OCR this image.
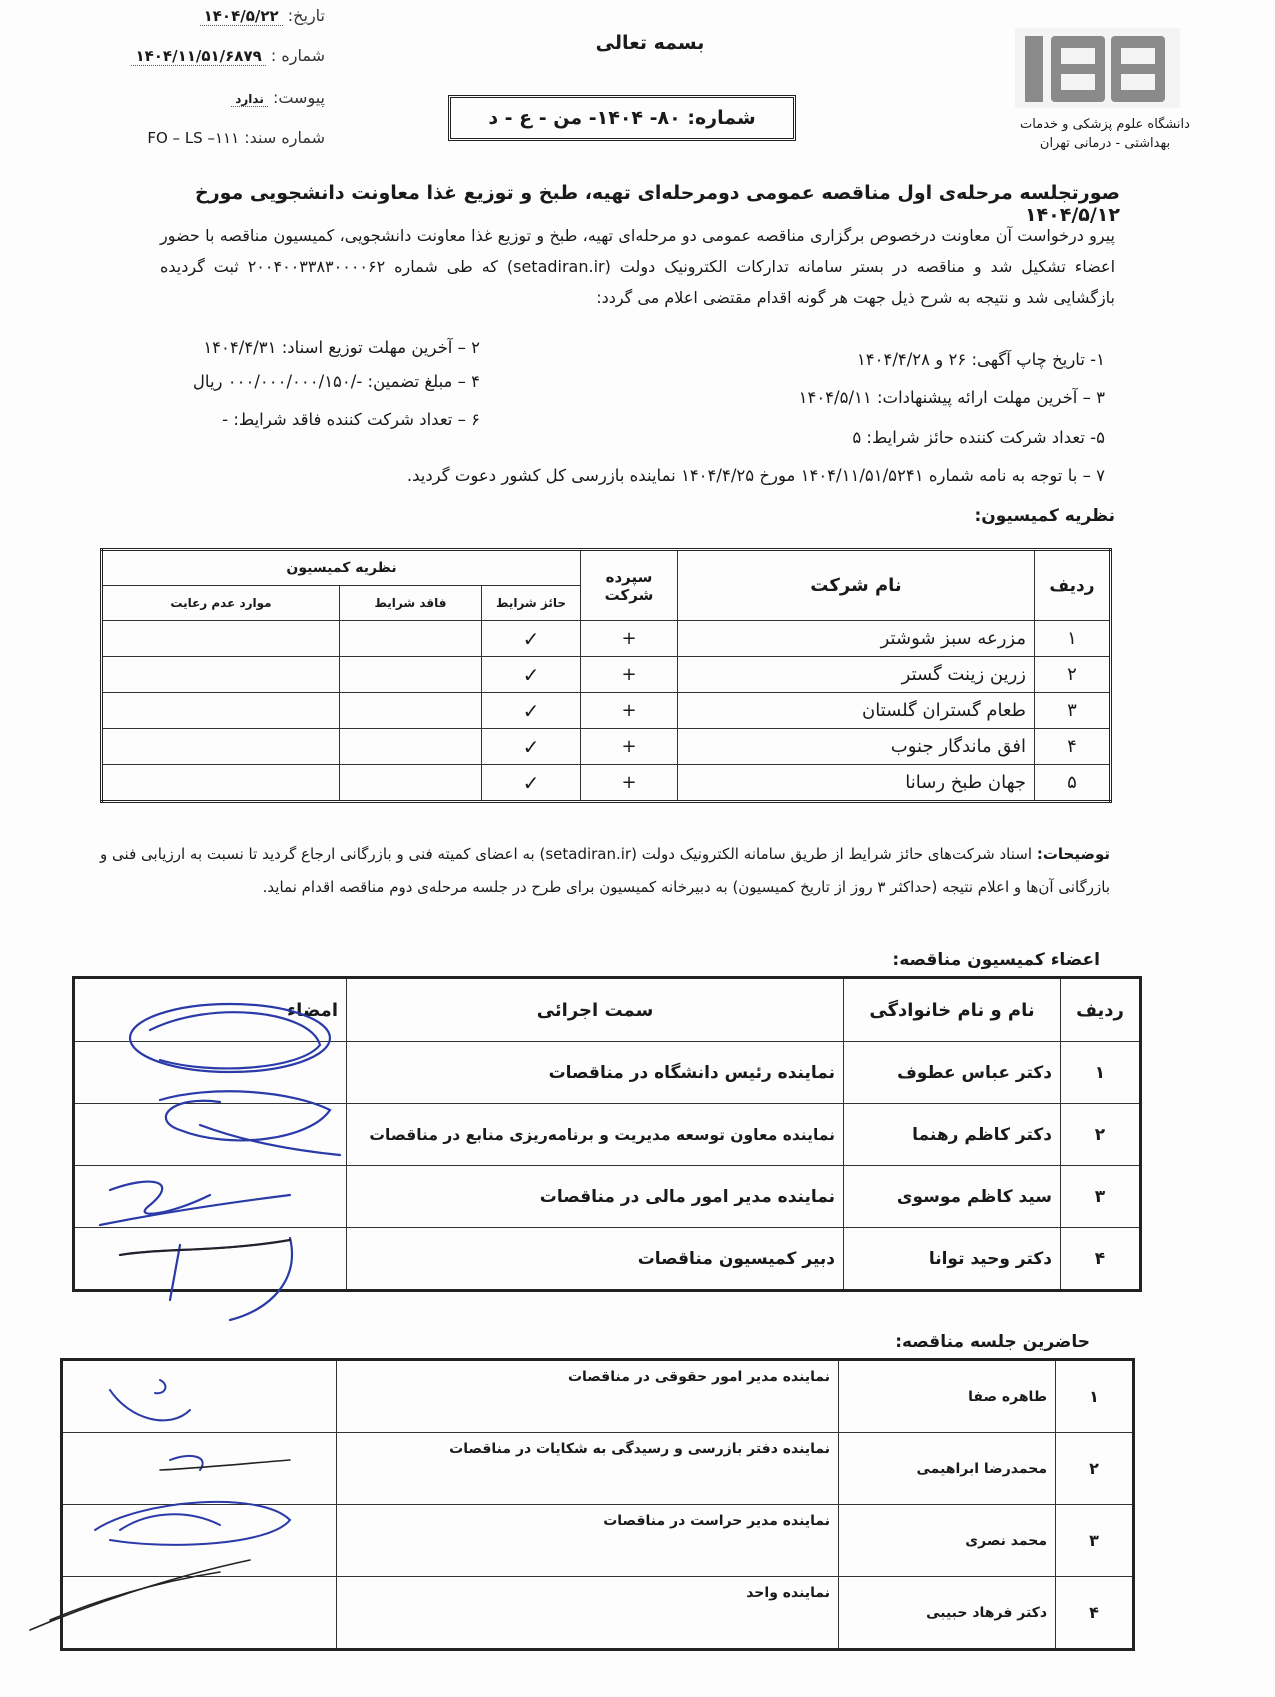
دانشگاه علوم پزشکی و خدمات
بهداشتی - درمانی تهران
تاریخ: ۱۴۰۴/۵/۲۲
شماره : ۱۴۰۴/۱۱/۵۱/۶۸۷۹
پیوست: ندارد
شماره سند: FO – LS –۱۱۱
بسمه تعالی
شماره: ۸۰- ۱۴۰۴- من - ع - د
صورتجلسه مرحله‌ی اول مناقصه عمومی دومرحله‌ای تهیه، طبخ و توزیع غذا معاونت دانشجویی مورخ ۱۴۰۴/۵/۱۲
پیرو درخواست آن معاونت درخصوص برگزاری مناقصه عمومی دو مرحله‌ای تهیه، طبخ و توزیع غذا معاونت دانشجویی، کمیسیون مناقصه با حضور اعضاء تشکیل شد و مناقصه در بستر سامانه تدارکات الکترونیک دولت (setadiran.ir) که طی شماره ۲۰۰۴۰۰۳۳۸۳۰۰۰۰۶۲ ثبت گردیده بازگشایی شد و نتیجه به شرح ذیل جهت هر گونه اقدام مقتضی اعلام می گردد:
۱- تاریخ چاپ آگهی: ۲۶ و ۱۴۰۴/۴/۲۸
۲ – آخرین مهلت توزیع اسناد: ۱۴۰۴/۴/۳۱
۳ – آخرین مهلت ارائه پیشنهادات: ۱۴۰۴/۵/۱۱
۴ – مبلغ تضمین: -/۰۰۰/۰۰۰/۰۰۰/۱۵۰ ریال
۵- تعداد شرکت کننده حائز شرایط: ۵
۶ – تعداد شرکت کننده فاقد شرایط: -
۷ – با توجه به نامه شماره ۱۴۰۴/۱۱/۵۱/۵۲۴۱ مورخ ۱۴۰۴/۴/۲۵ نماینده بازرسی کل کشور دعوت گردید.
نظریه کمیسیون:
ردیف	نام شرکت	سپرده شرکت	نظریه کمیسیون		
			حائز شرایط	فاقد شرایط	موارد عدم رعایت
۱	مزرعه سبز شوشتر	+	✓		
۲	زرین زینت گستر	+	✓		
۳	طعام گستران گلستان	+	✓		
۴	افق ماندگار جنوب	+	✓		
۵	جهان طبخ رسانا	+	✓		
توضیحات: اسناد شرکت‌های حائز شرایط از طریق سامانه الکترونیک دولت (setadiran.ir) به اعضای کمیته فنی و بازرگانی ارجاع گردید تا نسبت به ارزیابی فنی و بازرگانی آن‌ها و اعلام نتیجه (حداکثر ۳ روز از تاریخ کمیسیون) به دبیرخانه کمیسیون برای طرح در جلسه مرحله‌ی دوم مناقصه اقدام نماید.
اعضاء کمیسیون مناقصه:
ردیف	نام و نام خانوادگی	سمت اجرائی	امضاء
۱	دکتر عباس عطوف	نماینده رئیس دانشگاه در مناقصات	
۲	دکتر کاظم رهنما	نماینده معاون توسعه مدیریت و برنامه‌ریزی منابع در مناقصات	
۳	سید کاظم موسوی	نماینده مدیر امور مالی در مناقصات	
۴	دکتر وحید توانا	دبیر کمیسیون مناقصات	
حاضرین جلسه مناقصه:
۱	طاهره صفا	نماینده مدیر امور حقوقی در مناقصات	
۲	محمدرضا ابراهیمی	نماینده دفتر بازرسی و رسیدگی به شکایات در مناقصات	
۳	محمد نصری	نماینده مدیر حراست در مناقصات	
۴	دکتر فرهاد حبیبی	نماینده واحد	
